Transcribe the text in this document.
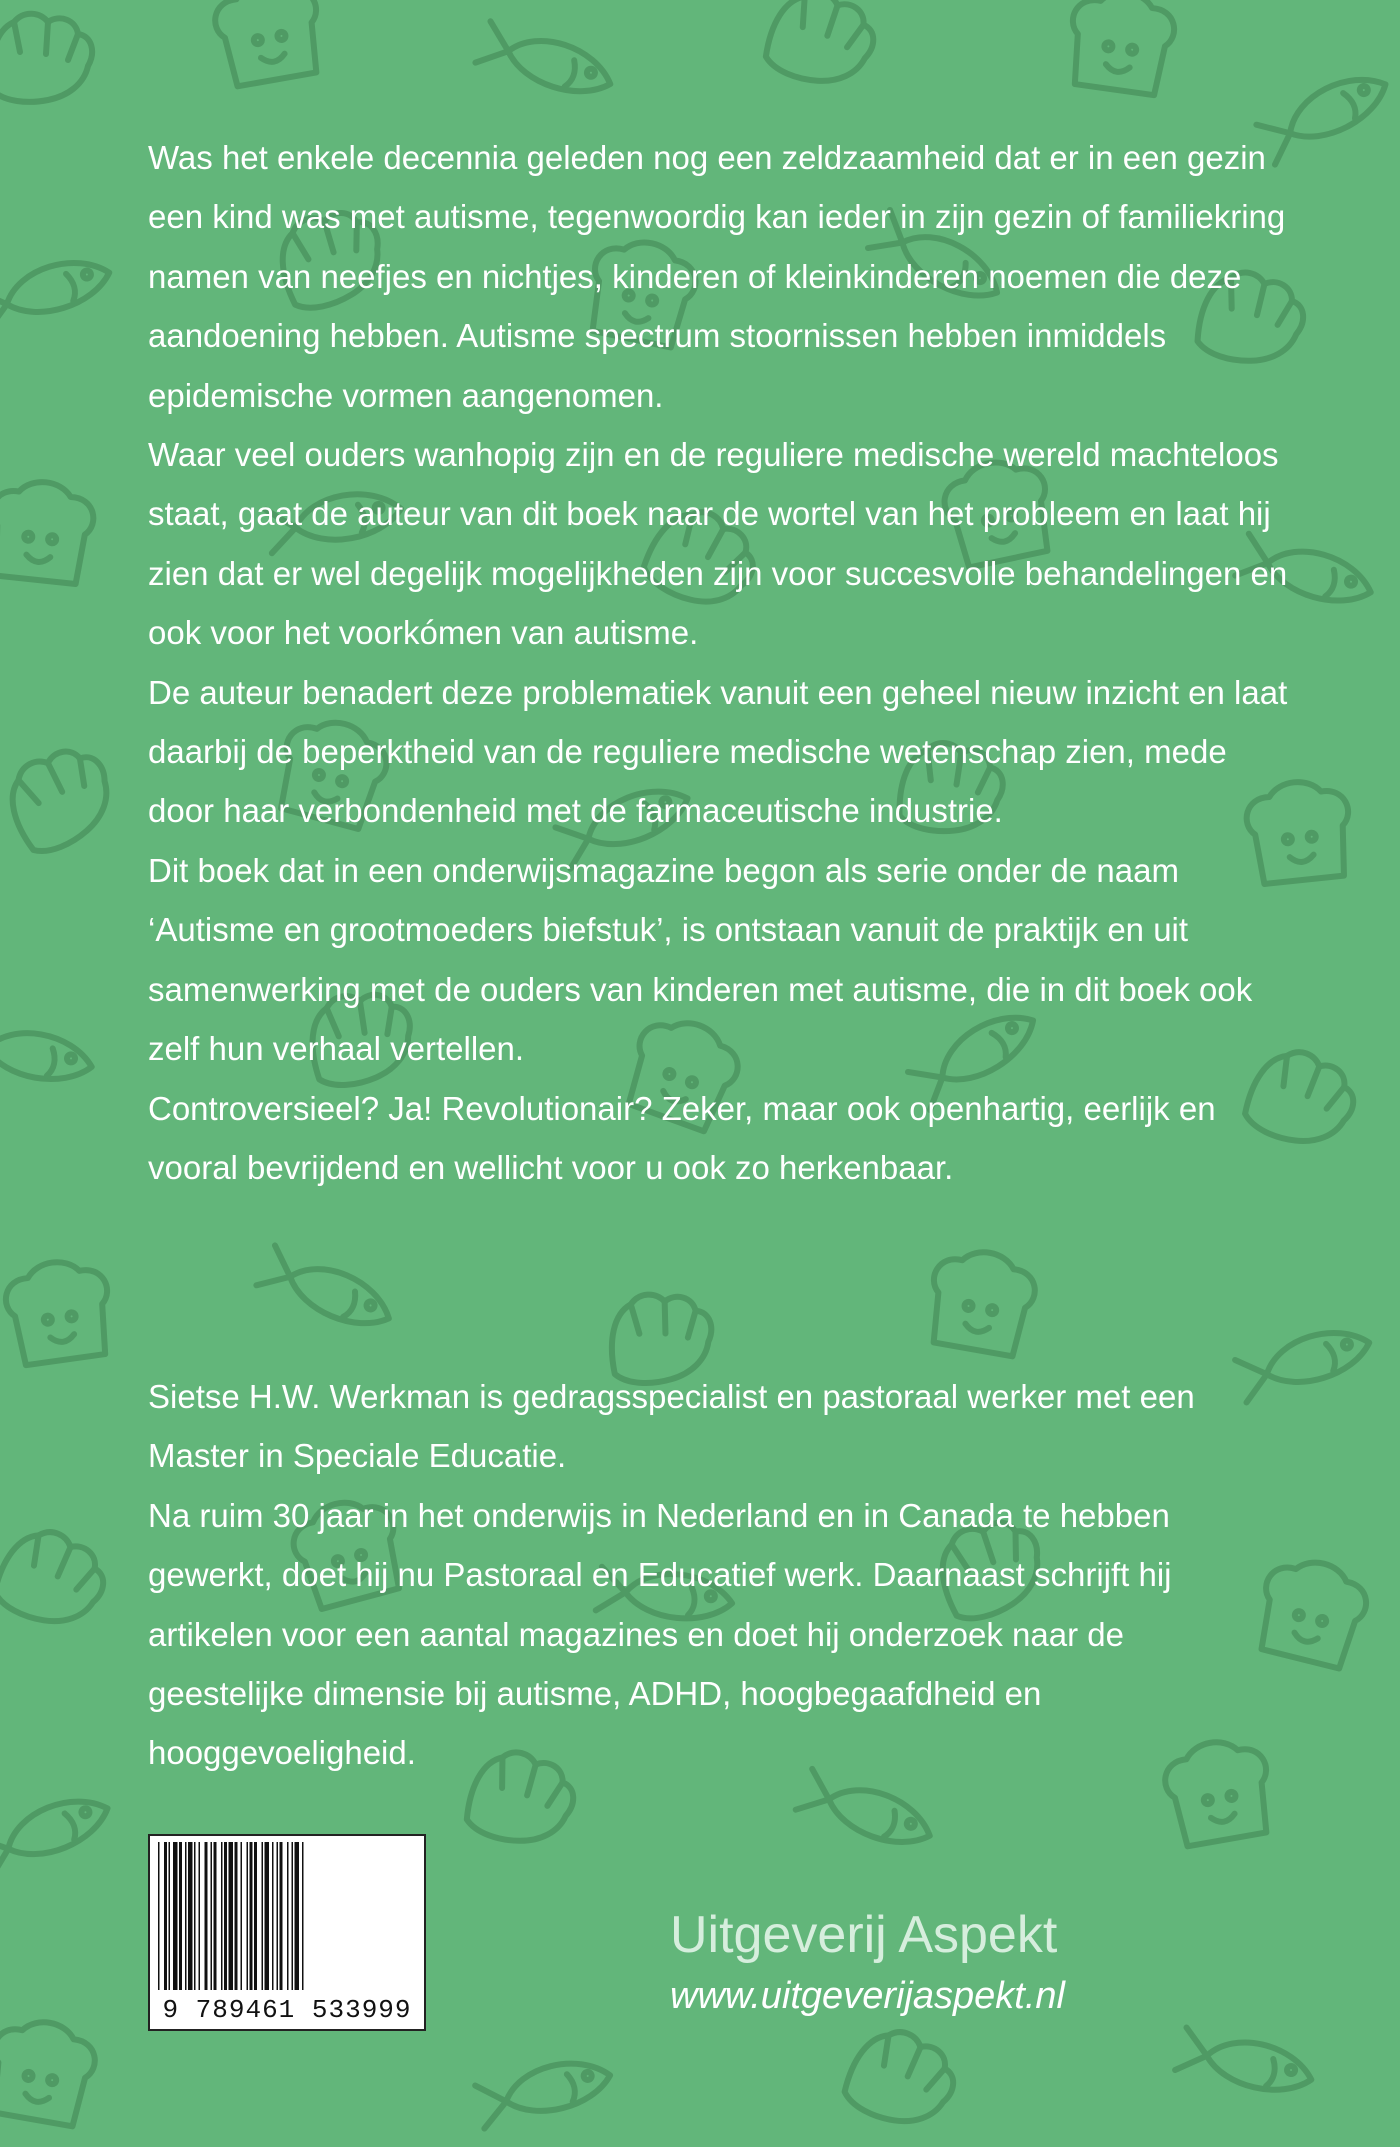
Was het enkele decennia geleden nog een zeldzaamheid dat er in een gezin een kind was met autisme, tegenwoordig kan ieder in zijn gezin of familiekring namen van neefjes en nichtjes, kinderen of kleinkinderen noemen die deze aandoening hebben. Autisme spectrum stoornissen hebben inmiddels epidemische vormen aangenomen.

Waar veel ouders wanhopig zijn en de reguliere medische wereld machteloos staat, gaat de auteur van dit boek naar de wortel van het probleem en laat hij zien dat er wel degelijk mogelijkheden zijn voor succesvolle behandelingen en ook voor het voorkómen van autisme.

De auteur benadert deze problematiek vanuit een geheel nieuw inzicht en laat daarbij de beperktheid van de reguliere medische wetenschap zien, mede door haar verbondenheid met de farmaceutische industrie.

Dit boek dat in een onderwijsmagazine begon als serie onder de naam ‘Autisme en grootmoeders biefstuk’, is ontstaan vanuit de praktijk en uit samenwerking met de ouders van kinderen met autisme, die in dit boek ook zelf hun verhaal vertellen.

Controversieel? Ja! Revolutionair? Zeker, maar ook openhartig, eerlijk en vooral bevrijdend en wellicht voor u ook zo herkenbaar.

Sietse H.W. Werkman is gedragsspecialist en pastoraal werker met een Master in Speciale Educatie.

Na ruim 30 jaar in het onderwijs in Nederland en in Canada te hebben gewerkt, doet hij nu Pastoraal en Educatief werk. Daarnaast schrijft hij artikelen voor een aantal magazines en doet hij onderzoek naar de geestelijke dimensie bij autisme, ADHD, hoogbegaafdheid en hooggevoeligheid.

9 789461 533999
Uitgeverij Aspekt
www.uitgeverijaspekt.nl
